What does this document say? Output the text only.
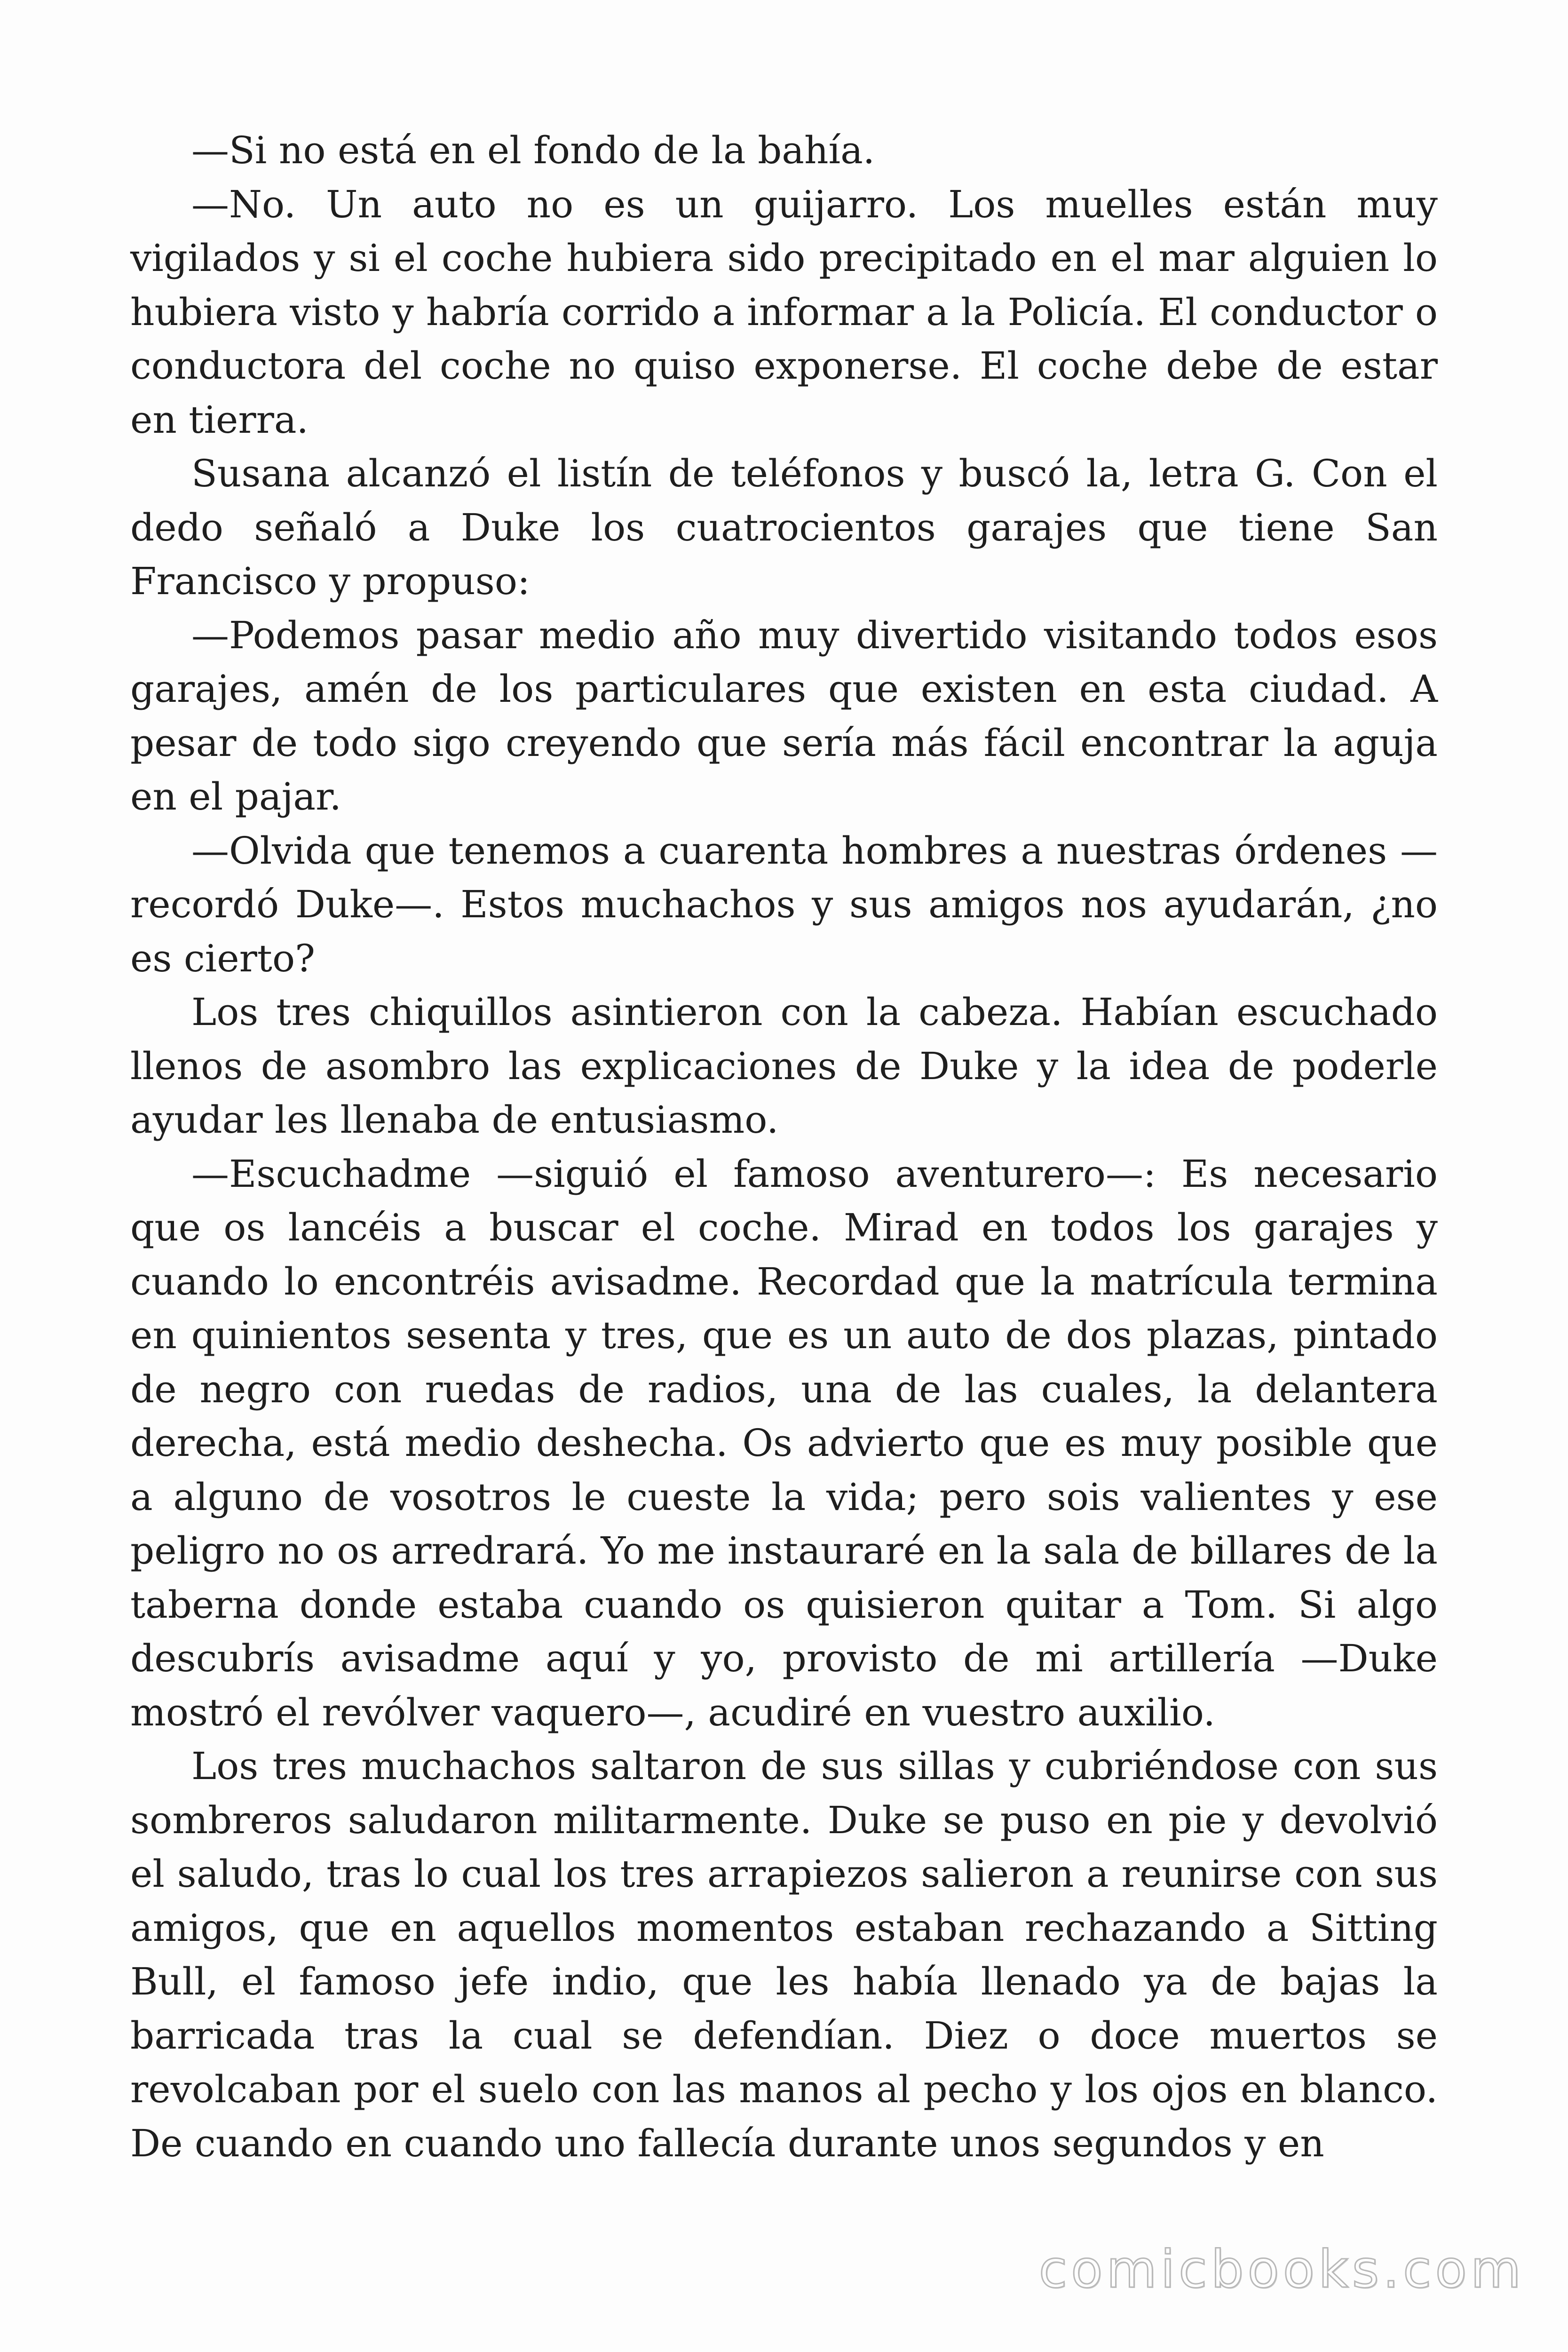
—Si no está en el fondo de la bahía.

—No. Un auto no es un guijarro. Los muelles están muy vigilados y si el coche hubiera sido precipitado en el mar alguien lo hubiera visto y habría corrido a informar a la Policía. El conductor o conductora del coche no quiso exponerse. El coche debe de estar en tierra.

Susana alcanzó el listín de teléfonos y buscó la, letra G. Con el dedo señaló a Duke los cuatrocientos garajes que tiene San Francisco y propuso:

—Podemos pasar medio año muy divertido visitando todos esos garajes, amén de los particulares que existen en esta ciudad. A pesar de todo sigo creyendo que sería más fácil encontrar la aguja en el pajar.

—Olvida que tenemos a cuarenta hombres a nuestras órdenes —recordó Duke—. Estos muchachos y sus amigos nos ayudarán, ¿no es cierto?

Los tres chiquillos asintieron con la cabeza. Habían escuchado llenos de asombro las explicaciones de Duke y la idea de poderle ayudar les llenaba de entusiasmo.

—Escuchadme —siguió el famoso aventurero—: Es necesario que os lancéis a buscar el coche. Mirad en todos los garajes y cuando lo encontréis avisadme. Recordad que la matrícula termina en quinientos sesenta y tres, que es un auto de dos plazas, pintado de negro con ruedas de radios, una de las cuales, la delantera derecha, está medio deshecha. Os advierto que es muy posible que a alguno de vosotros le cueste la vida; pero sois valientes y ese peligro no os arredrará. Yo me instauraré en la sala de billares de la taberna donde estaba cuando os quisieron quitar a Tom. Si algo descubrís avisadme aquí y yo, provisto de mi artillería —Duke mostró el revólver vaquero—, acudiré en vuestro auxilio.

Los tres muchachos saltaron de sus sillas y cubriéndose con sus sombreros saludaron militarmente. Duke se puso en pie y devolvió el saludo, tras lo cual los tres arrapiezos salieron a reunirse con sus amigos, que en aquellos momentos estaban rechazando a Sitting Bull, el famoso jefe indio, que les había llenado ya de bajas la barricada tras la cual se defendían. Diez o doce muertos se revolcaban por el suelo con las manos al pecho y los ojos en blanco. De cuando en cuando uno fallecía durante unos segundos y en

comicbooks.com
